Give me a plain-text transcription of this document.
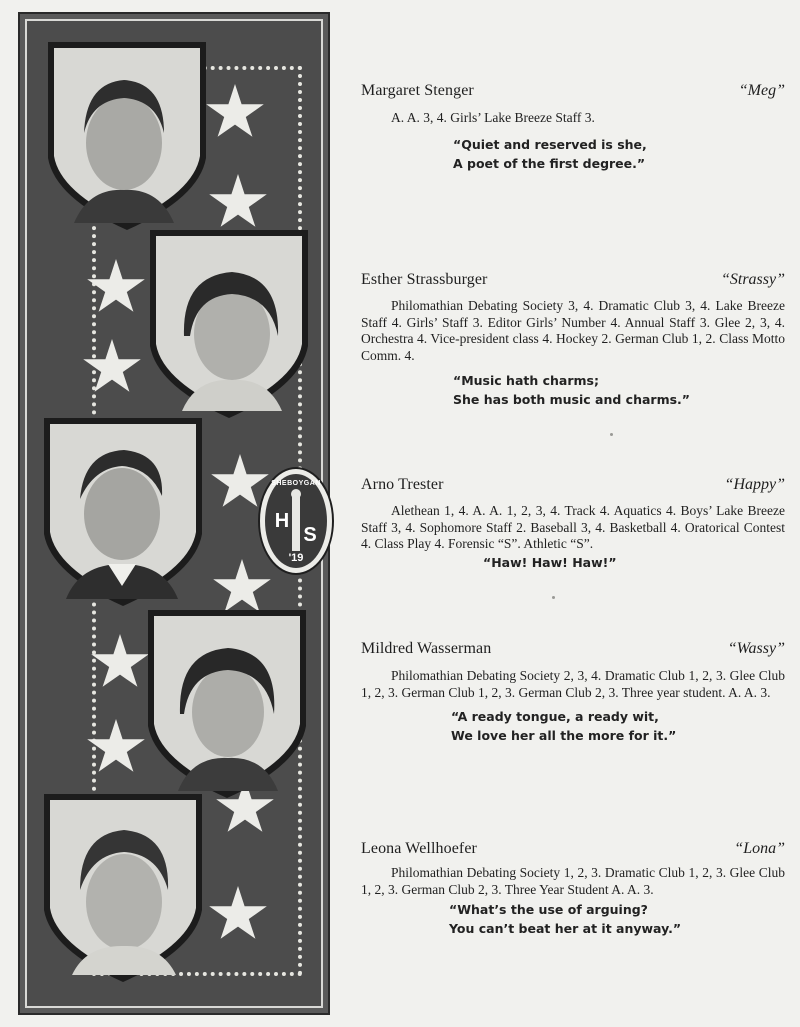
SHEBOYGAN
H
S
'19
Margaret Stenger	“Meg”

A. A. 3, 4. Girls’ Lake Breeze Staff 3.

“Quiet and reserved is she,
A poet of the first degree.”

Esther Strassburger	“Strassy”

Philomathian Debating Society 3, 4. Dramatic Club 3, 4. Lake Breeze Staff 4. Girls’ Staff 3. Editor Girls’ Number 4. Annual Staff 3. Glee 2, 3, 4. Orchestra 4. Vice-president class 4. Hockey 2. German Club 1, 2. Class Motto Comm. 4.

“Music hath charms;
She has both music and charms.”

Arno Trester	“Happy”

Alethean 1, 4. A. A. 1, 2, 3, 4. Track 4. Aquatics 4. Boys’ Lake Breeze Staff 3, 4. Sophomore Staff 2. Baseball 3, 4. Basketball 4. Oratorical Contest 4. Class Play 4. Forensic “S”. Athletic “S”.

“Haw! Haw! Haw!”

Mildred Wasserman	“Wassy”

Philomathian Debating Society 2, 3, 4. Dramatic Club 1, 2, 3. Glee Club 1, 2, 3. German Club 1, 2, 3. German Club 2, 3. Three year student. A. A. 3.

“A ready tongue, a ready wit,
We love her all the more for it.”

Leona Wellhoefer	“Lona”

Philomathian Debating Society 1, 2, 3. Dramatic Club 1, 2, 3. Glee Club 1, 2, 3. German Club 2, 3. Three Year Student A. A. 3.

“What’s the use of arguing?
You can’t beat her at it anyway.”
